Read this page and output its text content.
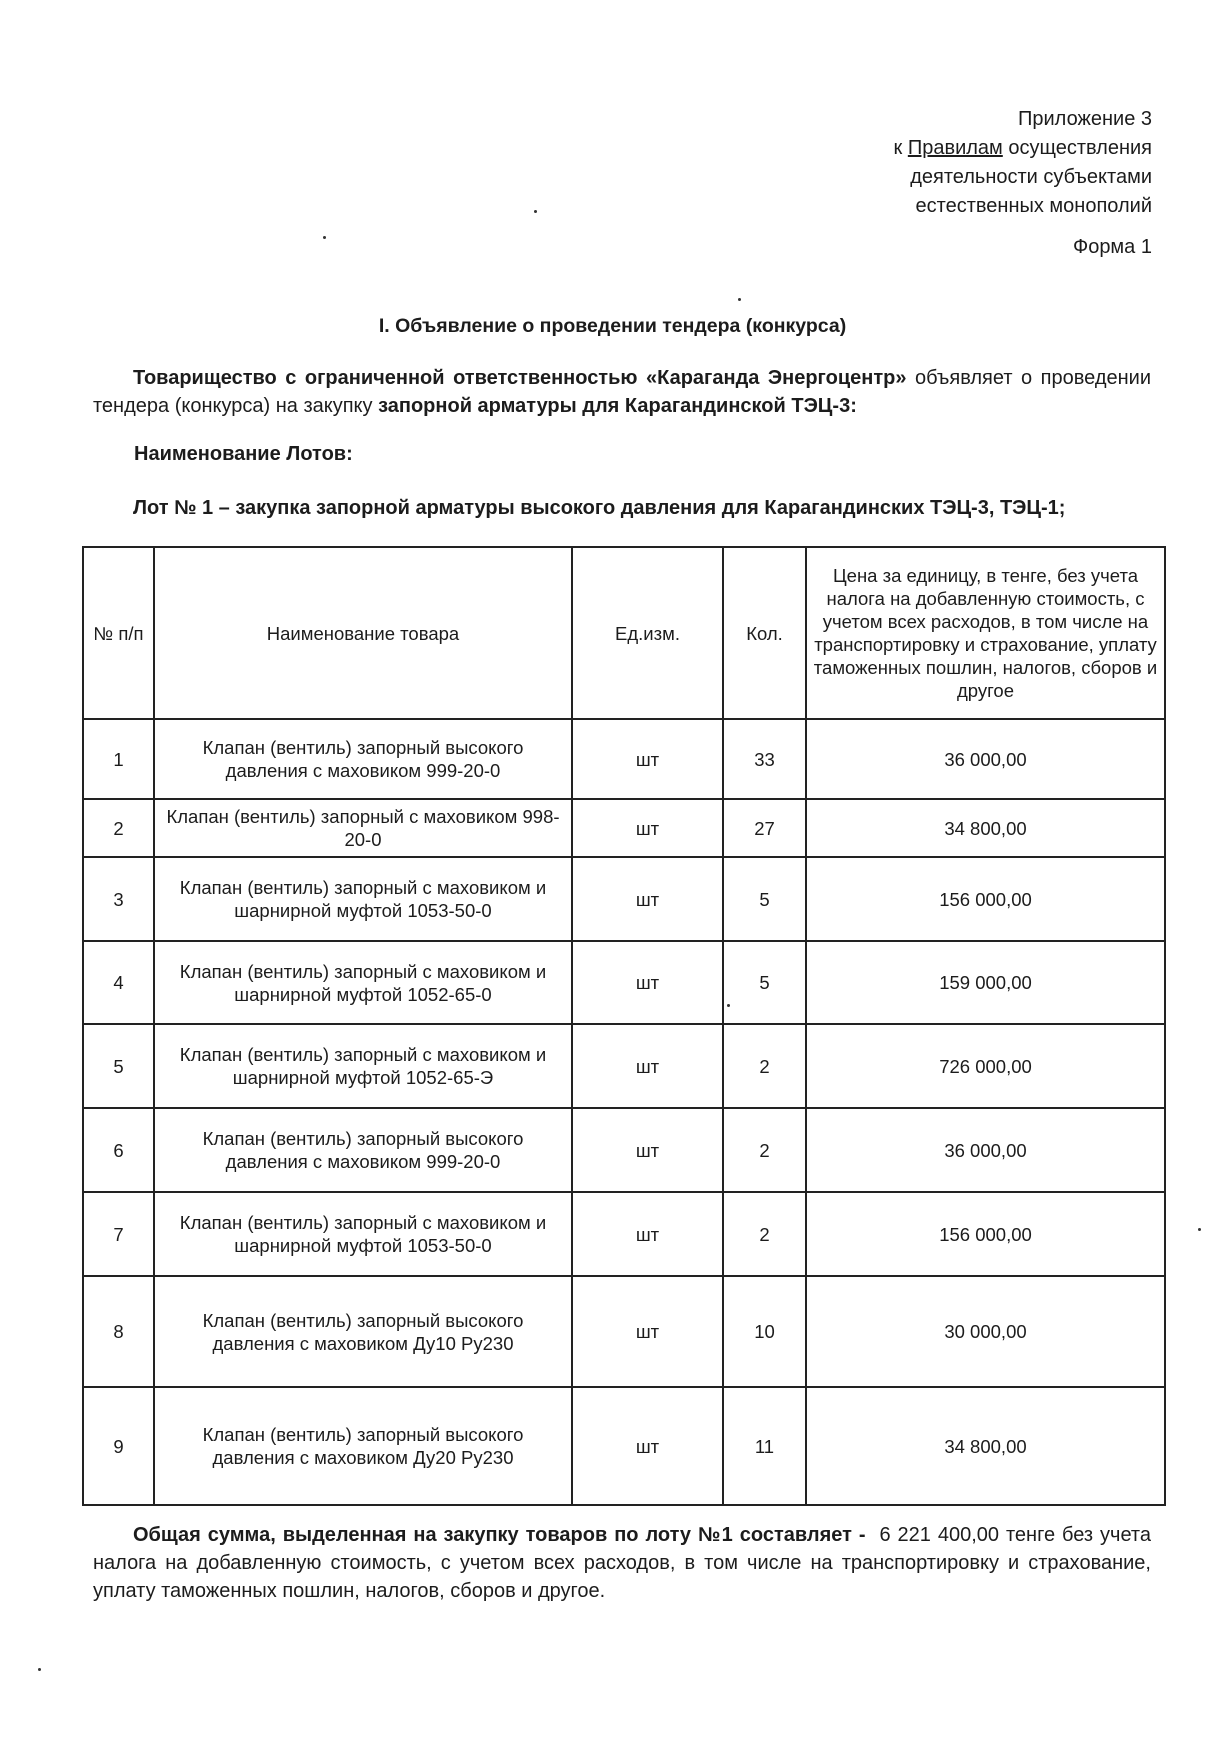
Приложение 3
к Правилам осуществления
деятельности субъектами
естественных монополий
Форма 1
I. Объявление о проведении тендера (конкурса)
Товарищество с ограниченной ответственностью «Караганда Энергоцентр» объявляет о проведении тендера (конкурса) на закупку запорной арматуры для Карагандинской ТЭЦ-3:
Наименование Лотов:
Лот № 1 – закупка запорной арматуры высокого давления для Карагандинских ТЭЦ-3, ТЭЦ-1;
№ п/п	Наименование товара	Ед.изм.	Кол.	Цена за единицу, в тенге, без учета налога на добавленную стоимость, с учетом всех расходов, в том числе на транспортировку и страхование, уплату таможенных пошлин, налогов, сборов и другое
1	Клапан (вентиль) запорный высокого давления с маховиком 999-20-0	шт	33	36 000,00
2	Клапан (вентиль) запорный с маховиком 998-20-0	шт	27	34 800,00
3	Клапан (вентиль) запорный с маховиком и шарнирной муфтой 1053-50-0	шт	5	156 000,00
4	Клапан (вентиль) запорный с маховиком и шарнирной муфтой 1052-65-0	шт	5	159 000,00
5	Клапан (вентиль) запорный с маховиком и шарнирной муфтой 1052-65-Э	шт	2	726 000,00
6	Клапан (вентиль) запорный высокого давления с маховиком 999-20-0	шт	2	36 000,00
7	Клапан (вентиль) запорный с маховиком и шарнирной муфтой 1053-50-0	шт	2	156 000,00
8	Клапан (вентиль) запорный высокого давления с маховиком Ду10 Ру230	шт	10	30 000,00
9	Клапан (вентиль) запорный высокого давления с маховиком Ду20 Ру230	шт	11	34 800,00
Общая сумма, выделенная на закупку товаров по лоту №1 составляет - 6 221 400,00 тенге без учета налога на добавленную стоимость, с учетом всех расходов, в том числе на транспортировку и страхование, уплату таможенных пошлин, налогов, сборов и другое.
